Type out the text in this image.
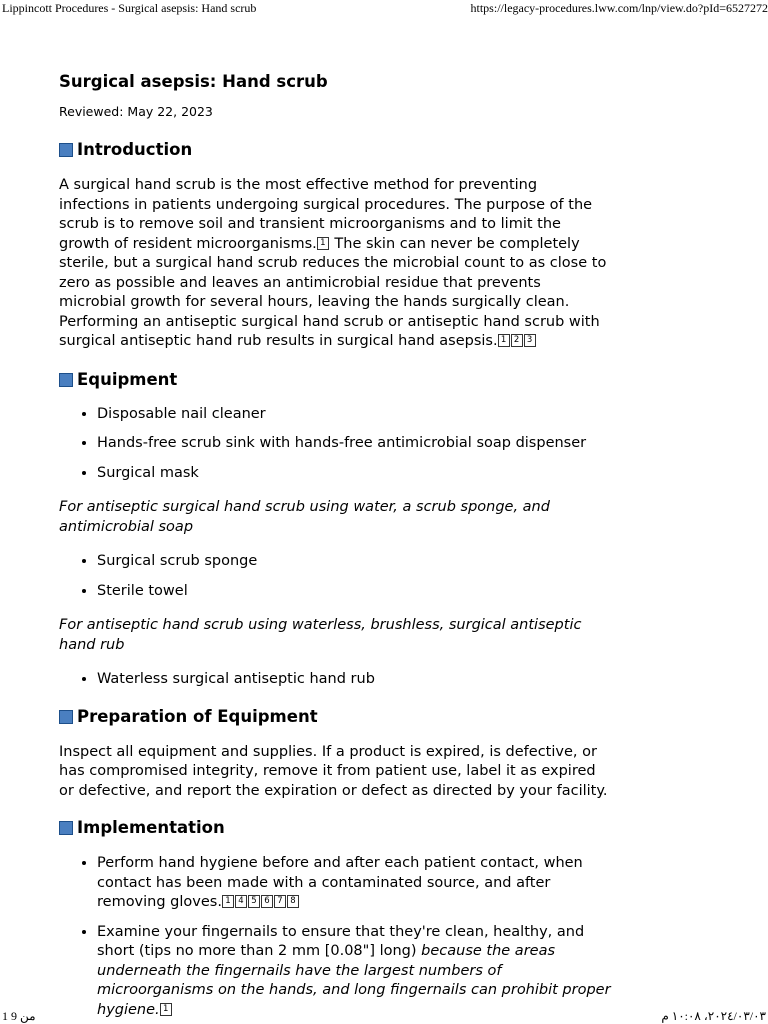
Lippincott Procedures - Surgical asepsis: Hand scrub	https://legacy-procedures.lww.com/lnp/view.do?pId=6527272
Surgical asepsis: Hand scrub
Reviewed: May 22, 2023
Introduction

A surgical hand scrub is the most effective method for preventing infections in patients undergoing surgical procedures. The purpose of the scrub is to remove soil and transient microorganisms and to limit the growth of resident microorganisms. 1 The skin can never be completely sterile, but a surgical hand scrub reduces the microbial count to as close to zero as possible and leaves an antimicrobial residue that prevents microbial growth for several hours, leaving the hands surgically clean. Performing an antiseptic surgical hand scrub or antiseptic hand scrub with surgical antiseptic hand rub results in surgical hand asepsis. 1 2 3

Equipment
• Disposable nail cleaner
• Hands-free scrub sink with hands-free antimicrobial soap dispenser
• Surgical mask

For antiseptic surgical hand scrub using water, a scrub sponge, and antimicrobial soap

• Surgical scrub sponge
• Sterile towel

For antiseptic hand scrub using waterless, brushless, surgical antiseptic hand rub

• Waterless surgical antiseptic hand rub
Preparation of Equipment

Inspect all equipment and supplies. If a product is expired, is defective, or has compromised integrity, remove it from patient use, label it as expired or defective, and report the expiration or defect as directed by your facility.

Implementation
• Perform hand hygiene before and after each patient contact, when contact has been made with a contaminated source, and after removing gloves. 1 4 5 6 7 8
• Examine your fingernails to ensure that they're clean, healthy, and short (tips no more than 2 mm [0.08"] long) because the areas underneath the fingernails have the largest numbers of microorganisms on the hands, and long fingernails can prohibit proper hygiene. 1
1 من 9	٢٠٢٤/٠٣/٠٣، ١٠:٠٨ م
